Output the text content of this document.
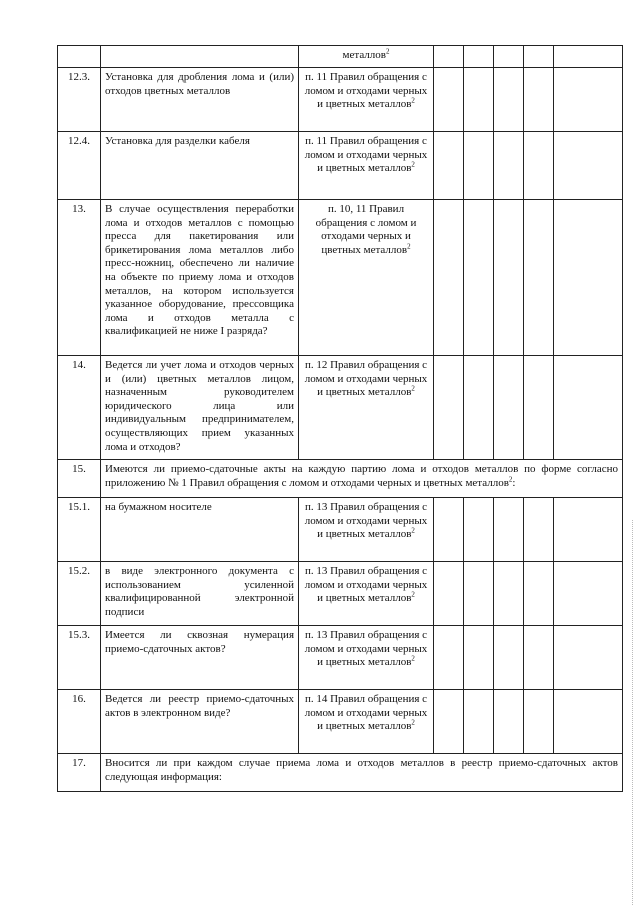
		металлов$^2$					
12.3.	Установка для дробления лома и (или) отходов цветных металлов	п. 11 Правил обращения с ломом и отходами черных и цветных металлов$^2$					
12.4.	Установка для разделки кабеля	п. 11 Правил обращения с ломом и отходами черных и цветных металлов$^2$					
13.	В случае осуществления переработки лома и отходов металлов с помощью пресса для пакетирования или брикетирования лома металлов либо пресс-ножниц, обеспечено ли наличие на объекте по приему лома и отходов металлов, на котором используется указанное оборудование, прессовщика лома и отходов металла с квалификацией не ниже I разряда?	п. 10, 11 Правил обращения с ломом и отходами черных и цветных металлов$^2$					
14.	Ведется ли учет лома и отходов черных и (или) цветных металлов лицом, назначенным руководителем юридического лица или индивидуальным предпринимателем, осуществляющих прием указанных лома и отходов?	п. 12 Правил обращения с ломом и отходами черных и цветных металлов$^2$					
15.	Имеются ли приемо-сдаточные акты на каждую партию лома и отходов металлов по форме согласно приложению № 1 Правил обращения с ломом и отходами черных и цветных металлов$^2$:						
15.1.	на бумажном носителе	п. 13 Правил обращения с ломом и отходами черных и цветных металлов$^2$					
15.2.	в виде электронного документа с использованием усиленной квалифицированной электронной подписи	п. 13 Правил обращения с ломом и отходами черных и цветных металлов$^2$					
15.3.	Имеется ли сквозная нумерация приемо-сдаточных актов?	п. 13 Правил обращения с ломом и отходами черных и цветных металлов$^2$					
16.	Ведется ли реестр приемо-сдаточных актов в электронном виде?	п. 14 Правил обращения с ломом и отходами черных и цветных металлов$^2$					
17.	Вносится ли при каждом случае приема лома и отходов металлов в реестр приемо-сдаточных актов следующая информация:						
